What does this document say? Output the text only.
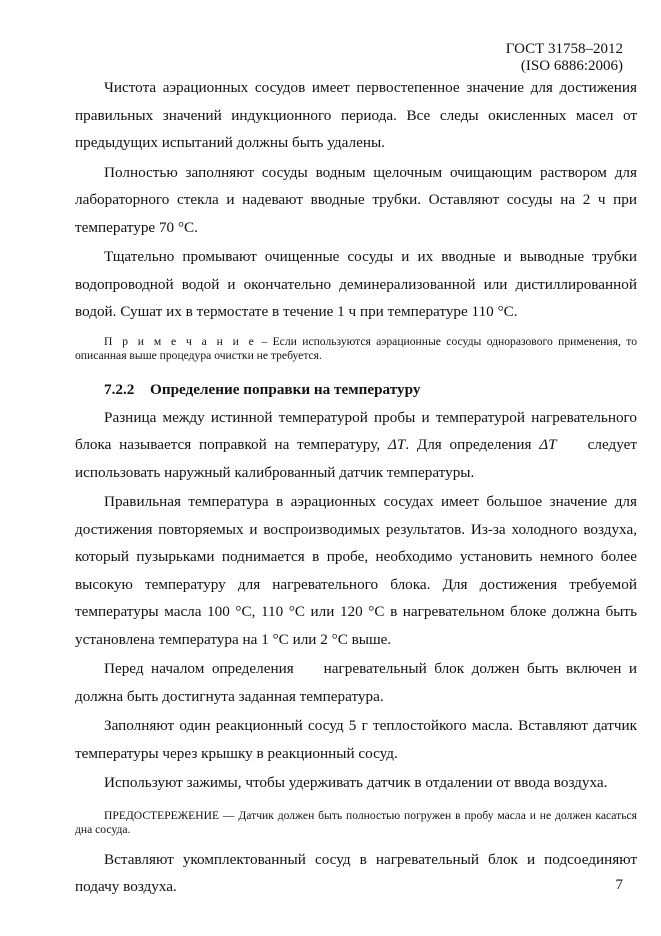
ГОСТ 31758–2012
(ISO 6886:2006)

Чистота аэрационных сосудов имеет первостепенное значение для достижения правильных значений индукционного периода. Все следы окисленных масел от предыдущих испытаний должны быть удалены.

Полностью заполняют сосуды водным щелочным очищающим раствором для лабораторного стекла и надевают вводные трубки. Оставляют сосуды на 2 ч при температуре 70 °С.

Тщательно промывают очищенные сосуды и их вводные и выводные трубки водопроводной водой и окончательно деминерализованной или дистиллированной водой. Сушат их в термостате в течение 1 ч при температуре 110 °С.

П р и м е ч а н и е – Если используются аэрационные сосуды одноразового применения, то описанная выше процедура очистки не требуется.
7.2.2 Определение поправки на температуру

Разница между истинной температурой пробы и температурой нагревательного блока называется поправкой на температуру, ΔT. Для определения ΔT    следует использовать наружный калиброванный датчик температуры.

Правильная температура в аэрационных сосудах имеет большое значение для достижения повторяемых и воспроизводимых результатов. Из-за холодного воздуха, который пузырьками поднимается в пробе, необходимо установить немного более высокую температуру для нагревательного блока. Для достижения требуемой температуры масла 100 °С, 110 °С или 120 °С в нагревательном блоке должна быть установлена температура на 1 °С или 2 °С выше.

Перед началом определения    нагревательный блок должен быть включен и должна быть достигнута заданная температура.

Заполняют один реакционный сосуд 5 г теплостойкого масла. Вставляют датчик температуры через крышку в реакционный сосуд.

Используют зажимы, чтобы удерживать датчик в отдалении от ввода воздуха.

ПРЕДОСТЕРЕЖЕНИЕ — Датчик должен быть полностью погружен в пробу масла и не должен касаться дна сосуда.

Вставляют укомплектованный сосуд в нагревательный блок и подсоединяют подачу воздуха.	7
